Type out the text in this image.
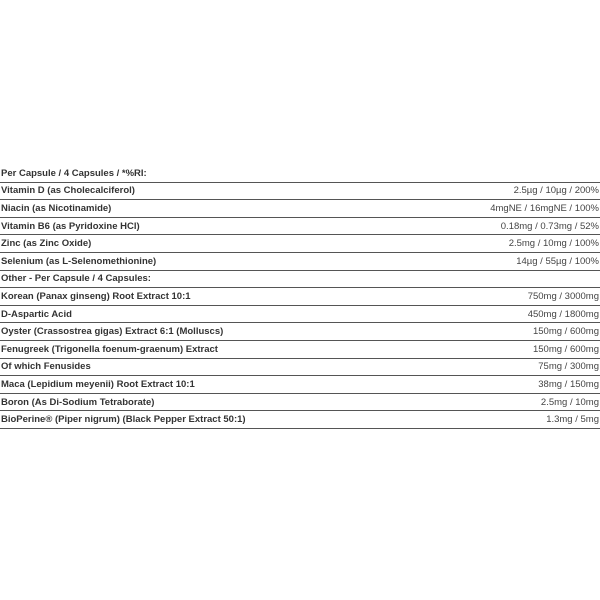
Per Capsule / 4 Capsules / *%RI:
Vitamin D (as Cholecalciferol)	2.5µg / 10µg / 200%
Niacin (as Nicotinamide)	4mgNE / 16mgNE / 100%
Vitamin B6 (as Pyridoxine HCl)	0.18mg / 0.73mg / 52%
Zinc (as Zinc Oxide)	2.5mg / 10mg / 100%
Selenium (as L-Selenomethionine)	14µg / 55µg / 100%
Other - Per Capsule / 4 Capsules:
Korean (Panax ginseng) Root Extract 10:1	750mg / 3000mg
D-Aspartic Acid	450mg / 1800mg
Oyster (Crassostrea gigas) Extract 6:1 (Molluscs)	150mg / 600mg
Fenugreek (Trigonella foenum-graenum) Extract	150mg / 600mg
Of which Fenusides	75mg / 300mg
Maca (Lepidium meyenii) Root Extract 10:1	38mg / 150mg
Boron (As Di-Sodium Tetraborate)	2.5mg / 10mg
BioPerine® (Piper nigrum) (Black Pepper Extract 50:1)	1.3mg / 5mg
